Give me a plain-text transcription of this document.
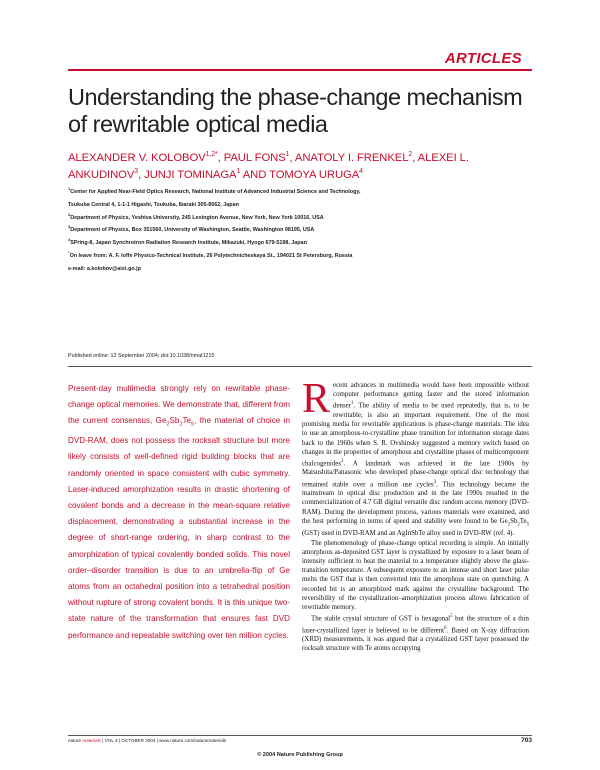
ARTICLES
Understanding the phase-change mechanism of rewritable optical media
ALEXANDER V. $KOLOBOV^{1,2*}$, PAUL FONS$^1$, ANATOLY I. FRENKEL$^2$, ALEXEI L. ANKUDINOV$^3$, JUNJI TOMINAGA$^1$ AND TOMOYA URUGA$^4$

$^1$Center for Applied Near-Field Optics Research, National Institute of Advanced Industrial Science and Technology,

Tsukuba Central 4, 1-1-1 Higashi, Tsukuba, Ibaraki 305-8562, Japan

$^2$Department of Physics, Yeshiva University, 245 Lexington Avenue, New York, New York 10016, USA

$^3$Department of Physics, Box 351560, University of Washington, Seattle, Washington 98195, USA

$^4$SPring-8, Japan Synchrotron Radiation Research Institute, Mikazuki, Hyogo 679-5198, Japan

*On leave from: A. F. Ioffe Physico-Technical Institute, 26 Polytechnicheskaya St., 194021 St Petersburg, Russia

e-mail: a.kolobov@aist.go.jp

Published online: 12 September 2004; doi:10.1038/nmat1215
Present-day multimedia strongly rely on rewritable phase-change optical memories. We demonstrate that, different from the current consensus, $Ge_2Sb_2Te_5$, the material of choice in DVD-RAM, does not possess the rocksalt structure but more likely consists of well-defined rigid building blocks that are randomly oriented in space consistent with cubic symmetry. Laser-induced amorphization results in drastic shortening of covalent bonds and a decrease in the mean-square relative displacement, demonstrating a substantial increase in the degree of short-range ordering, in sharp contrast to the amorphization of typical covalently bonded solids. This novel order–disorder transition is due to an umbrella-flip of Ge atoms from an octahedral position into a tetrahedral position without rupture of strong covalent bonds. It is this unique two-state nature of the transformation that ensures fast DVD performance and repeatable switching over ten million cycles.

Recent advances in multimedia would have been impossible without computer performance getting faster and the stored information denser$^1$. The ability of media to be used repeatedly, that is, to be rewritable, is also an important requirement. One of the most promising media for rewritable applications is phase-change materials. The idea to use an amorphous-to-crystalline phase transition for information storage dates back to the 1960s when S. R. Ovshinsky suggested a memory switch based on changes in the properties of amorphous and crystalline phases of multicomponent chalcogenides$^2$. A landmark was achieved in the late 1980s by Matsushita/Panasonic who developed phase-change optical disc technology that remained stable over a million use cycles$^3$. This technology became the mainstream in optical disc production and in the late 1990s resulted in the commercialization of 4.7 GB digital versatile disc random access memory (DVD-RAM). During the development process, various materials were examined, and the best performing in terms of speed and stability were found to be $Ge_2Sb_2Te_5$ (GST) used in DVD-RAM and an AgInSbTe alloy used in DVD-RW (ref. 4).

The phenomenology of phase-change optical recording is simple. An initially amorphous as-deposited GST layer is crystallized by exposure to a laser beam of intensity sufficient to heat the material to a temperature slightly above the glass-transition temperature. A subsequent exposure to an intense and short laser pulse melts the GST that is then converted into the amorphous state on quenching. A recorded bit is an amorphized mark against the crystalline background. The reversibility of the crystallization–amorphization process allows fabrication of rewritable memory.

The stable crystal structure of GST is hexagonal$^5$ but the structure of a thin laser-crystallized layer is believed to be different$^6$. Based on X-ray diffraction (XRD) measurements, it was argued that a crystallized GST layer possessed the rocksalt structure with Te atoms occupying

nature materials | VOL 3 | OCTOBER 2004 | www.nature.com/naturematerials	703
© 2004 Nature Publishing Group
